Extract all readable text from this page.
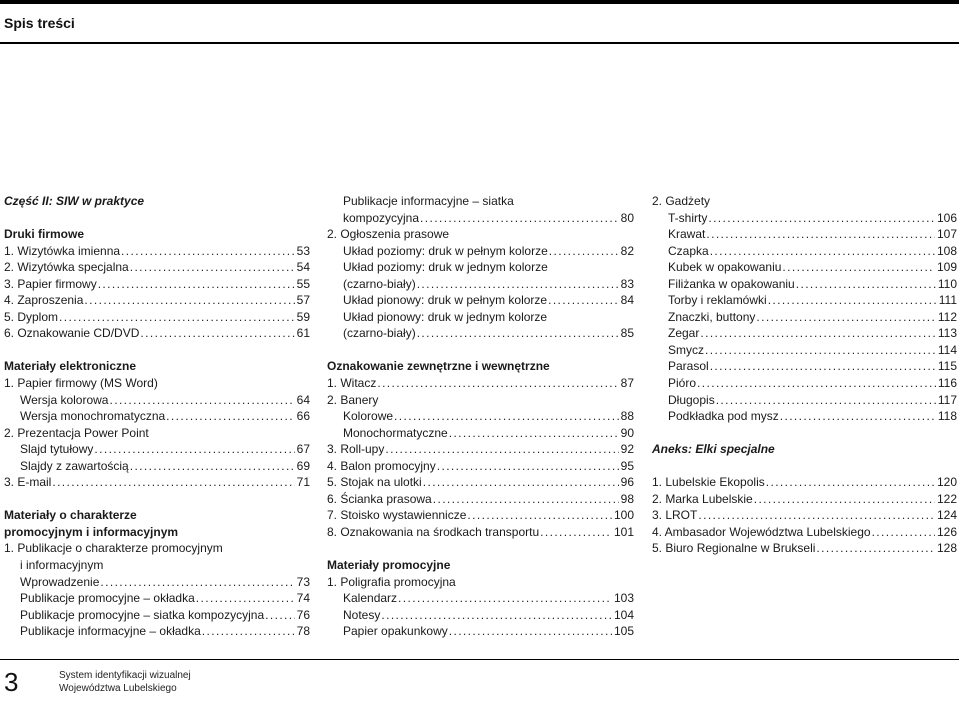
Spis treści
Część II: SIW w praktyce
Druki firmowe
1. Wizytówka imienna .....	53
2. Wizytówka specjalna .....	54
3. Papier firmowy .....	55
4. Zaproszenia .....	57
5. Dyplom .....	59
6. Oznakowanie CD/DVD .....	61
Materiały elektroniczne
1. Papier firmowy (MS Word)
Wersja kolorowa .....	64
Wersja monochromatyczna .....	66
2. Prezentacja Power Point
Slajd tytułowy .....	67
Slajdy z zawartością .....	69
3. E-mail .....	71
Materiały o charakterze
promocyjnym i informacyjnym
1. Publikacje o charakterze promocyjnym
i informacyjnym
Wprowadzenie .....	73
Publikacje promocyjne – okładka .....	74
Publikacje promocyjne – siatka kompozycyjna .....	76
Publikacje informacyjne – okładka .....	78
Publikacje informacyjne – siatka
kompozycyjna .....	80
2. Ogłoszenia prasowe
Układ poziomy: druk w pełnym kolorze .....	82
Układ poziomy: druk w jednym kolorze
(czarno-biały) .....	83
Układ pionowy: druk w pełnym kolorze .....	84
Układ pionowy: druk w jednym kolorze
(czarno-biały) .....	85
Oznakowanie zewnętrzne i wewnętrzne
1. Witacz .....	87
2. Banery
Kolorowe .....	88
Monochormatyczne .....	90
3. Roll-upy .....	92
4. Balon promocyjny .....	95
5. Stojak na ulotki .....	96
6. Ścianka prasowa .....	98
7. Stoisko wystawiennicze .....	100
8. Oznakowania na środkach transportu .....	101
Materiały promocyjne
1. Poligrafia promocyjna
Kalendarz .....	103
Notesy .....	104
Papier opakunkowy .....	105
2. Gadżety
T-shirty .....	106
Krawat .....	107
Czapka .....	108
Kubek w opakowaniu .....	109
Filiżanka w opakowaniu .....	110
Torby i reklamówki .....	111
Znaczki, buttony .....	112
Zegar .....	113
Smycz .....	114
Parasol .....	115
Pióro .....	116
Długopis .....	117
Podkładka pod mysz .....	118
Aneks: Elki specjalne
1. Lubelskie Ekopolis .....	120
2. Marka Lubelskie .....	122
3. LROT .....	124
4. Ambasador Województwa Lubelskiego .....	126
5. Biuro Regionalne w Brukseli .....	128
3	System identyfikacji wizualnej
Województwa Lubelskiego
